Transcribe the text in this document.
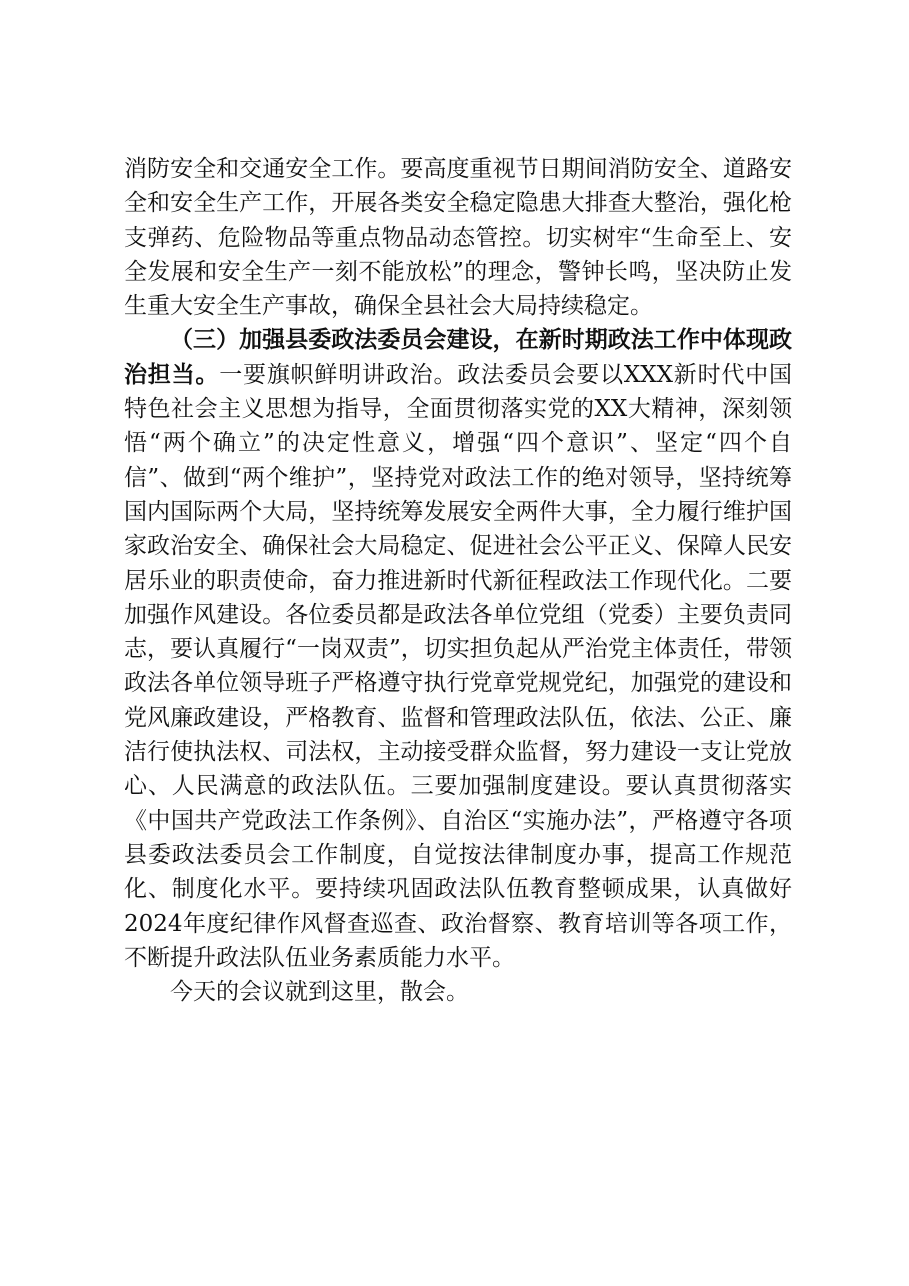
消防安全和交通安全工作。要高度重视节日期间消防安全、道路安全和安全生产工作，开展各类安全稳定隐患大排查大整治，强化枪支弹药、危险物品等重点物品动态管控。切实树牢“生命至上、安全发展和安全生产一刻不能放松”的理念，警钟长鸣，坚决防止发生重大安全生产事故，确保全县社会大局持续稳定。

（三）加强县委政法委员会建设，在新时期政法工作中体现政治担当。一要旗帜鲜明讲政治。政法委员会要以XXX新时代中国特色社会主义思想为指导，全面贯彻落实党的XX大精神，深刻领悟“两个确立”的决定性意义，增强“四个意识”、坚定“四个自信”、做到“两个维护”，坚持党对政法工作的绝对领导，坚持统筹国内国际两个大局，坚持统筹发展安全两件大事，全力履行维护国家政治安全、确保社会大局稳定、促进社会公平正义、保障人民安居乐业的职责使命，奋力推进新时代新征程政法工作现代化。二要加强作风建设。各位委员都是政法各单位党组（党委）主要负责同志，要认真履行“一岗双责”，切实担负起从严治党主体责任，带领政法各单位领导班子严格遵守执行党章党规党纪，加强党的建设和党风廉政建设，严格教育、监督和管理政法队伍，依法、公正、廉洁行使执法权、司法权，主动接受群众监督，努力建设一支让党放心、人民满意的政法队伍。三要加强制度建设。要认真贯彻落实《中国共产党政法工作条例》、自治区“实施办法”，严格遵守各项县委政法委员会工作制度，自觉按法律制度办事，提高工作规范化、制度化水平。要持续巩固政法队伍教育整顿成果，认真做好2024年度纪律作风督查巡查、政治督察、教育培训等各项工作，不断提升政法队伍业务素质能力水平。

今天的会议就到这里，散会。
